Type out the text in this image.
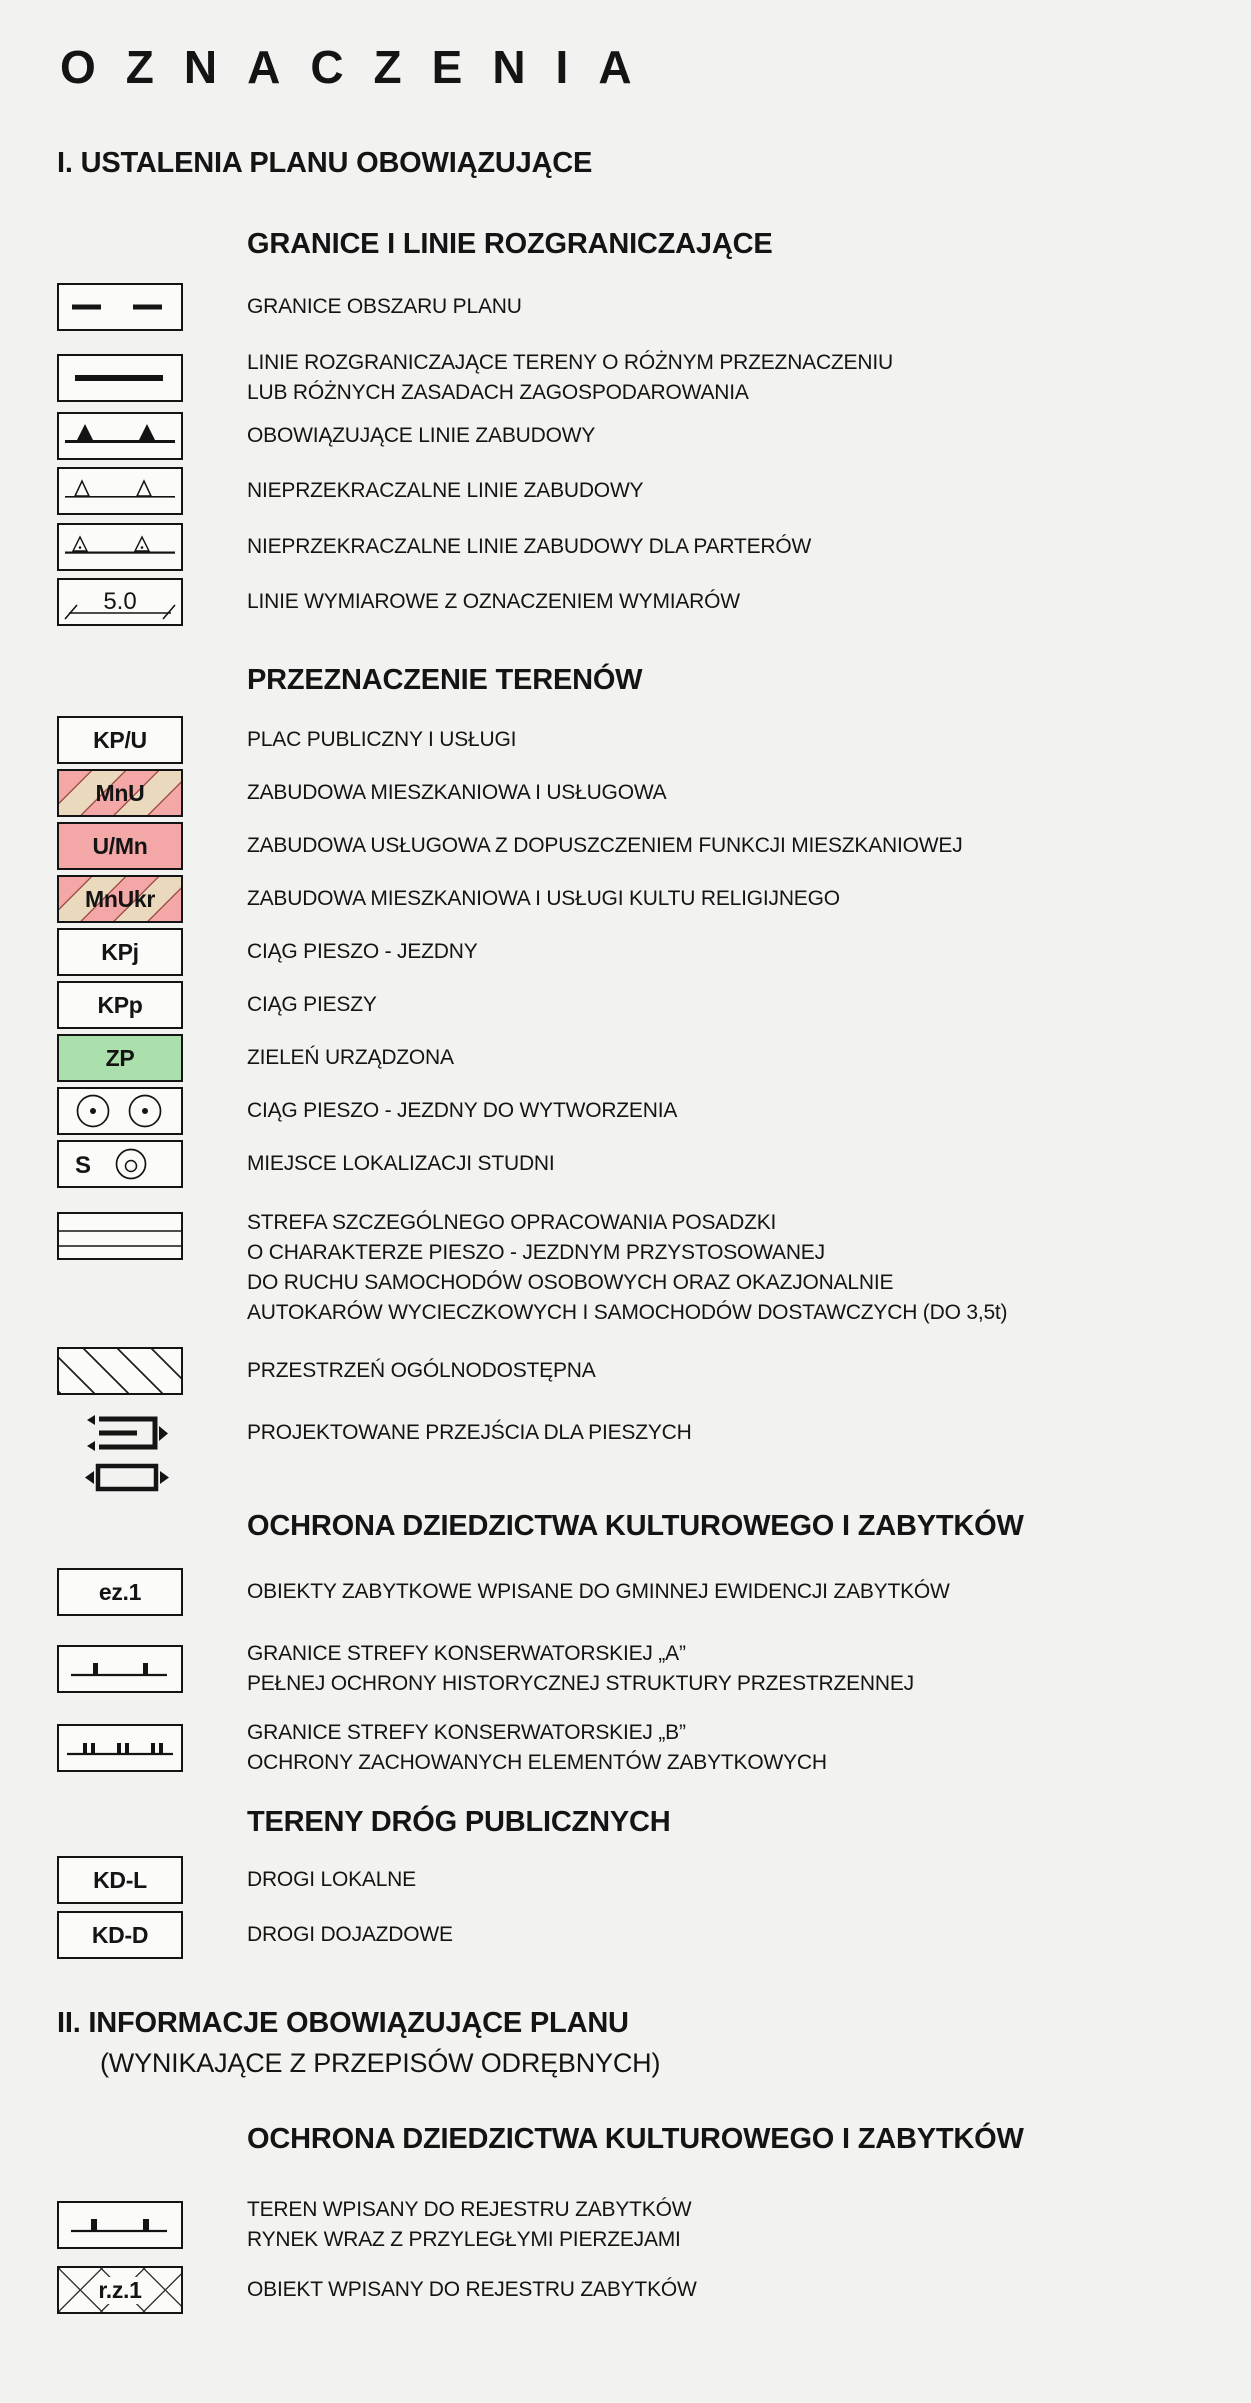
OZNACZENIA
I. USTALENIA PLANU OBOWIĄZUJĄCE
GRANICE I LINIE ROZGRANICZAJĄCE
GRANICE OBSZARU PLANU
LINIE ROZGRANICZAJĄCE TERENY O RÓŻNYM PRZEZNACZENIU
LUB RÓŻNYCH ZASADACH ZAGOSPODAROWANIA
OBOWIĄZUJĄCE LINIE ZABUDOWY
NIEPRZEKRACZALNE LINIE ZABUDOWY
NIEPRZEKRACZALNE LINIE ZABUDOWY DLA PARTERÓW
5.0	LINIE WYMIAROWE Z OZNACZENIEM WYMIARÓW
PRZEZNACZENIE TERENÓW
KP/U	PLAC PUBLICZNY I USŁUGI
MnU	ZABUDOWA MIESZKANIOWA I USŁUGOWA
U/Mn	ZABUDOWA USŁUGOWA Z DOPUSZCZENIEM FUNKCJI MIESZKANIOWEJ
MnUkr	ZABUDOWA MIESZKANIOWA I USŁUGI KULTU RELIGIJNEGO
KPj	CIĄG PIESZO - JEZDNY
KPp	CIĄG PIESZY
ZP	ZIELEŃ URZĄDZONA
CIĄG PIESZO - JEZDNY DO WYTWORZENIA
S	MIEJSCE LOKALIZACJI STUDNI
STREFA SZCZEGÓLNEGO OPRACOWANIA POSADZKI
O CHARAKTERZE PIESZO - JEZDNYM PRZYSTOSOWANEJ
DO RUCHU SAMOCHODÓW OSOBOWYCH ORAZ OKAZJONALNIE
AUTOKARÓW WYCIECZKOWYCH I SAMOCHODÓW DOSTAWCZYCH (DO 3,5t)
PRZESTRZEŃ OGÓLNODOSTĘPNA
PROJEKTOWANE PRZEJŚCIA DLA PIESZYCH
OCHRONA DZIEDZICTWA KULTUROWEGO I ZABYTKÓW
ez.1	OBIEKTY ZABYTKOWE WPISANE DO GMINNEJ EWIDENCJI ZABYTKÓW
GRANICE STREFY KONSERWATORSKIEJ „A”
PEŁNEJ OCHRONY HISTORYCZNEJ STRUKTURY PRZESTRZENNEJ
GRANICE STREFY KONSERWATORSKIEJ „B”
OCHRONY ZACHOWANYCH ELEMENTÓW ZABYTKOWYCH
TERENY DRÓG PUBLICZNYCH
KD-L	DROGI LOKALNE
KD-D	DROGI DOJAZDOWE
II. INFORMACJE OBOWIĄZUJĄCE PLANU
(WYNIKAJĄCE Z PRZEPISÓW ODRĘBNYCH)
OCHRONA DZIEDZICTWA KULTUROWEGO I ZABYTKÓW
TEREN WPISANY DO REJESTRU ZABYTKÓW
RYNEK WRAZ Z PRZYLEGŁYMI PIERZEJAMI
r.z.1	OBIEKT WPISANY DO REJESTRU ZABYTKÓW
